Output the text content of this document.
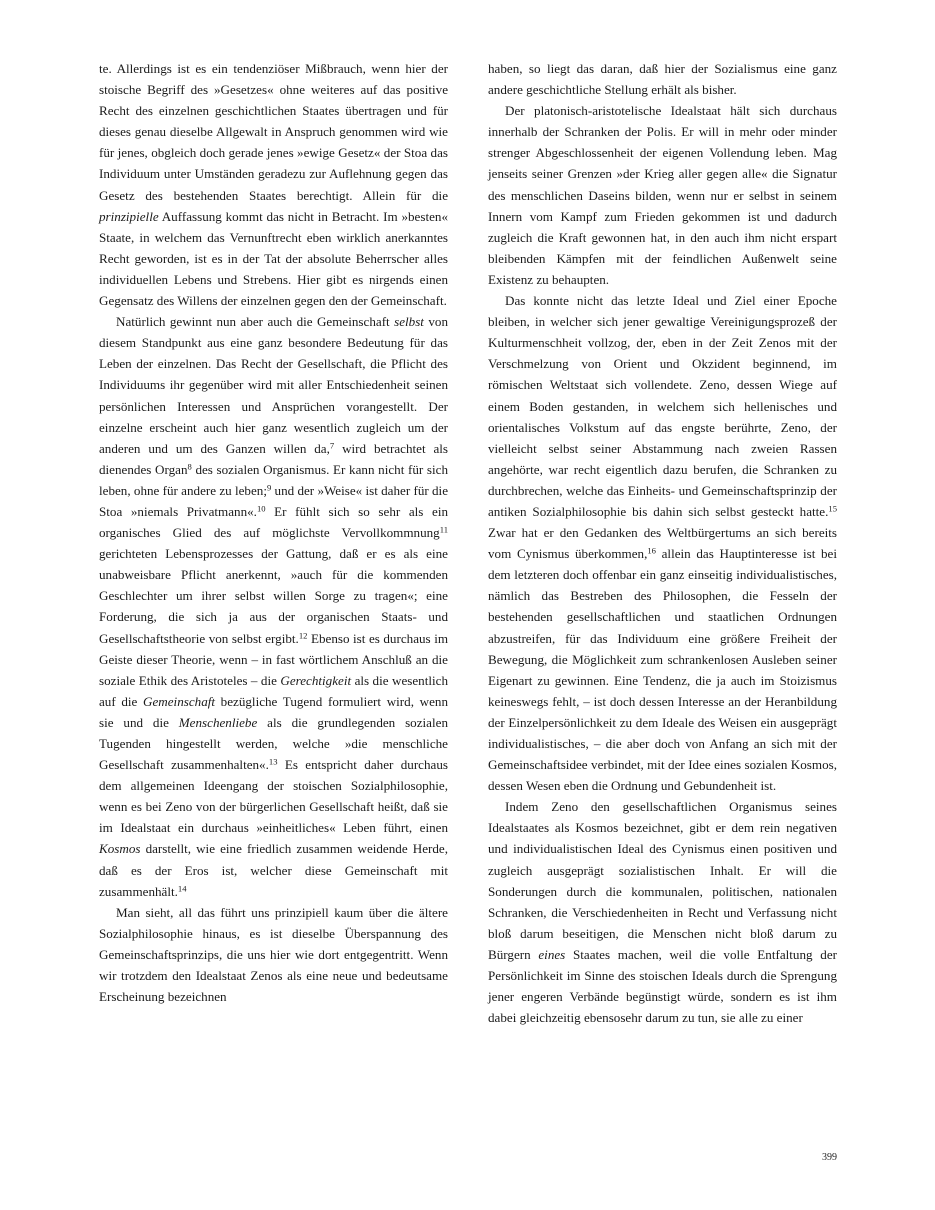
te. Allerdings ist es ein tendenziöser Mißbrauch, wenn hier der stoische Begriff des »Gesetzes« ohne weiteres auf das positive Recht des einzelnen geschichtlichen Staates übertragen und für dieses genau dieselbe Allgewalt in Anspruch genommen wird wie für jenes, obgleich doch gerade jenes »ewige Gesetz« der Stoa das Individuum unter Umständen geradezu zur Auflehnung gegen das Gesetz des bestehenden Staates berechtigt. Allein für die prinzipielle Auffassung kommt das nicht in Betracht. Im »besten« Staate, in welchem das Vernunftrecht eben wirklich anerkanntes Recht geworden, ist es in der Tat der absolute Beherrscher alles individuellen Lebens und Strebens. Hier gibt es nirgends einen Gegensatz des Willens der einzelnen gegen den der Gemeinschaft.

Natürlich gewinnt nun aber auch die Gemeinschaft selbst von diesem Standpunkt aus eine ganz besondere Bedeutung für das Leben der einzelnen. Das Recht der Gesellschaft, die Pflicht des Individuums ihr gegenüber wird mit aller Entschiedenheit seinen persönlichen Interessen und Ansprüchen vorangestellt. Der einzelne erscheint auch hier ganz wesentlich zugleich um der anderen und um des Ganzen willen da,$^7$ wird betrachtet als dienendes Organ$^8$ des sozialen Organismus. Er kann nicht für sich leben, ohne für andere zu leben;$^9$ und der »Weise« ist daher für die Stoa »niemals Privatmann«.$^{10}$ Er fühlt sich so sehr als ein organisches Glied des auf möglichste Vervollkommnung$^{11}$ gerichteten Lebensprozesses der Gattung, daß er es als eine unabweisbare Pflicht anerkennt, »auch für die kommenden Geschlechter um ihrer selbst willen Sorge zu tragen«; eine Forderung, die sich ja aus der organischen Staats- und Gesellschaftstheorie von selbst ergibt.$^{12}$ Ebenso ist es durchaus im Geiste dieser Theorie, wenn – in fast wörtlichem Anschluß an die soziale Ethik des Aristoteles – die Gerechtigkeit als die wesentlich auf die Gemeinschaft bezügliche Tugend formuliert wird, wenn sie und die Menschenliebe als die grundlegenden sozialen Tugenden hingestellt werden, welche »die menschliche Gesellschaft zusammenhalten«.$^{13}$ Es entspricht daher durchaus dem allgemeinen Ideengang der stoischen Sozialphilosophie, wenn es bei Zeno von der bürgerlichen Gesellschaft heißt, daß sie im Idealstaat ein durchaus »einheitliches« Leben führt, einen Kosmos darstellt, wie eine friedlich zusammen weidende Herde, daß es der Eros ist, welcher diese Gemeinschaft mit zusammenhält.$^{14}$

Man sieht, all das führt uns prinzipiell kaum über die ältere Sozialphilosophie hinaus, es ist dieselbe Überspannung des Gemeinschaftsprinzips, die uns hier wie dort entgegentritt. Wenn wir trotzdem den Idealstaat Zenos als eine neue und bedeutsame Erscheinung bezeichnen

haben, so liegt das daran, daß hier der Sozialismus eine ganz andere geschichtliche Stellung erhält als bisher.

Der platonisch-aristotelische Idealstaat hält sich durchaus innerhalb der Schranken der Polis. Er will in mehr oder minder strenger Abgeschlossenheit der eigenen Vollendung leben. Mag jenseits seiner Grenzen »der Krieg aller gegen alle« die Signatur des menschlichen Daseins bilden, wenn nur er selbst in seinem Innern vom Kampf zum Frieden gekommen ist und dadurch zugleich die Kraft gewonnen hat, in den auch ihm nicht erspart bleibenden Kämpfen mit der feindlichen Außenwelt seine Existenz zu behaupten.

Das konnte nicht das letzte Ideal und Ziel einer Epoche bleiben, in welcher sich jener gewaltige Vereinigungsprozeß der Kulturmenschheit vollzog, der, eben in der Zeit Zenos mit der Verschmelzung von Orient und Okzident beginnend, im römischen Weltstaat sich vollendete. Zeno, dessen Wiege auf einem Boden gestanden, in welchem sich hellenisches und orientalisches Volkstum auf das engste berührte, Zeno, der vielleicht selbst seiner Abstammung nach zweien Rassen angehörte, war recht eigentlich dazu berufen, die Schranken zu durchbrechen, welche das Einheits- und Gemeinschaftsprinzip der antiken Sozialphilosophie bis dahin sich selbst gesteckt hatte.$^{15}$ Zwar hat er den Gedanken des Weltbürgertums an sich bereits vom Cynismus überkommen,$^{16}$ allein das Hauptinteresse ist bei dem letzteren doch offenbar ein ganz einseitig individualistisches, nämlich das Bestreben des Philosophen, die Fesseln der bestehenden gesellschaftlichen und staatlichen Ordnungen abzustreifen, für das Individuum eine größere Freiheit der Bewegung, die Möglichkeit zum schrankenlosen Ausleben seiner Eigenart zu gewinnen. Eine Tendenz, die ja auch im Stoizismus keineswegs fehlt, – ist doch dessen Interesse an der Heranbildung der Einzelpersönlichkeit zu dem Ideale des Weisen ein ausgeprägt individualistisches, – die aber doch von Anfang an sich mit der Gemeinschaftsidee verbindet, mit der Idee eines sozialen Kosmos, dessen Wesen eben die Ordnung und Gebundenheit ist.

Indem Zeno den gesellschaftlichen Organismus seines Idealstaates als Kosmos bezeichnet, gibt er dem rein negativen und individualistischen Ideal des Cynismus einen positiven und zugleich ausgeprägt sozialistischen Inhalt. Er will die Sonderungen durch die kommunalen, politischen, nationalen Schranken, die Verschiedenheiten in Recht und Verfassung nicht bloß darum beseitigen, die Menschen nicht bloß darum zu Bürgern eines Staates machen, weil die volle Entfaltung der Persönlichkeit im Sinne des stoischen Ideals durch die Sprengung jener engeren Verbände begünstigt würde, sondern es ist ihm dabei gleichzeitig ebensosehr darum zu tun, sie alle zu einer

399
